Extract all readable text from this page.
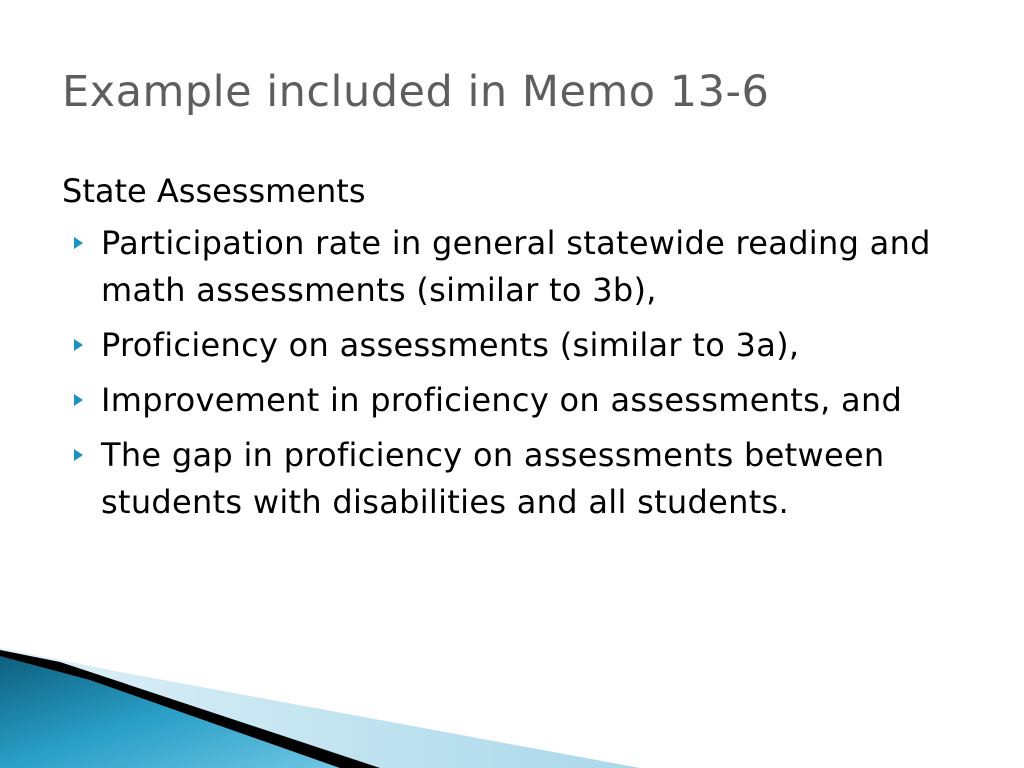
Example included in Memo 13-6
State Assessments
Participation rate in general statewide reading and math assessments (similar to 3b),
Proficiency on assessments (similar to 3a),
Improvement in proficiency on assessments, and
The gap in proficiency on assessments between students with disabilities and all students.
